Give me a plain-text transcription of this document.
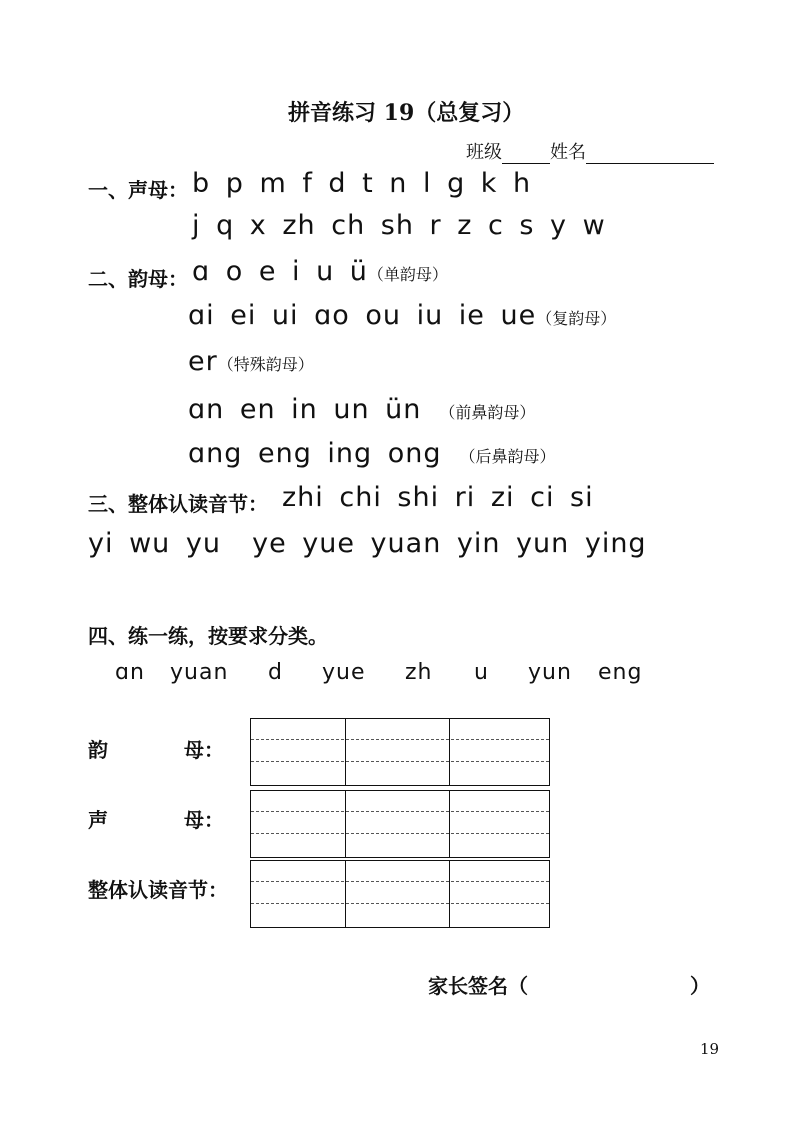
拼音练习 19（总复习）
班级	姓名
一、声母： b p m f d t n l g k h
j q x zh ch sh r z c s y w
二、韵母： ɑ o e i u ü（单韵母）
ɑi ei ui ɑo ou iu ie ue（复韵母）
er（特殊韵母）
ɑn en in un ün （前鼻韵母）
ɑng eng ing ong （后鼻韵母）
三、整体认读音节： zhi chi shi ri zi ci si
yi wu yu  ye yue yuan yin yun ying
四、练一练，按要求分类。
ɑn yuan d yue zh u yun eng
韵	母：
声	母：
整体认读音节：
家长签名（	）
19
